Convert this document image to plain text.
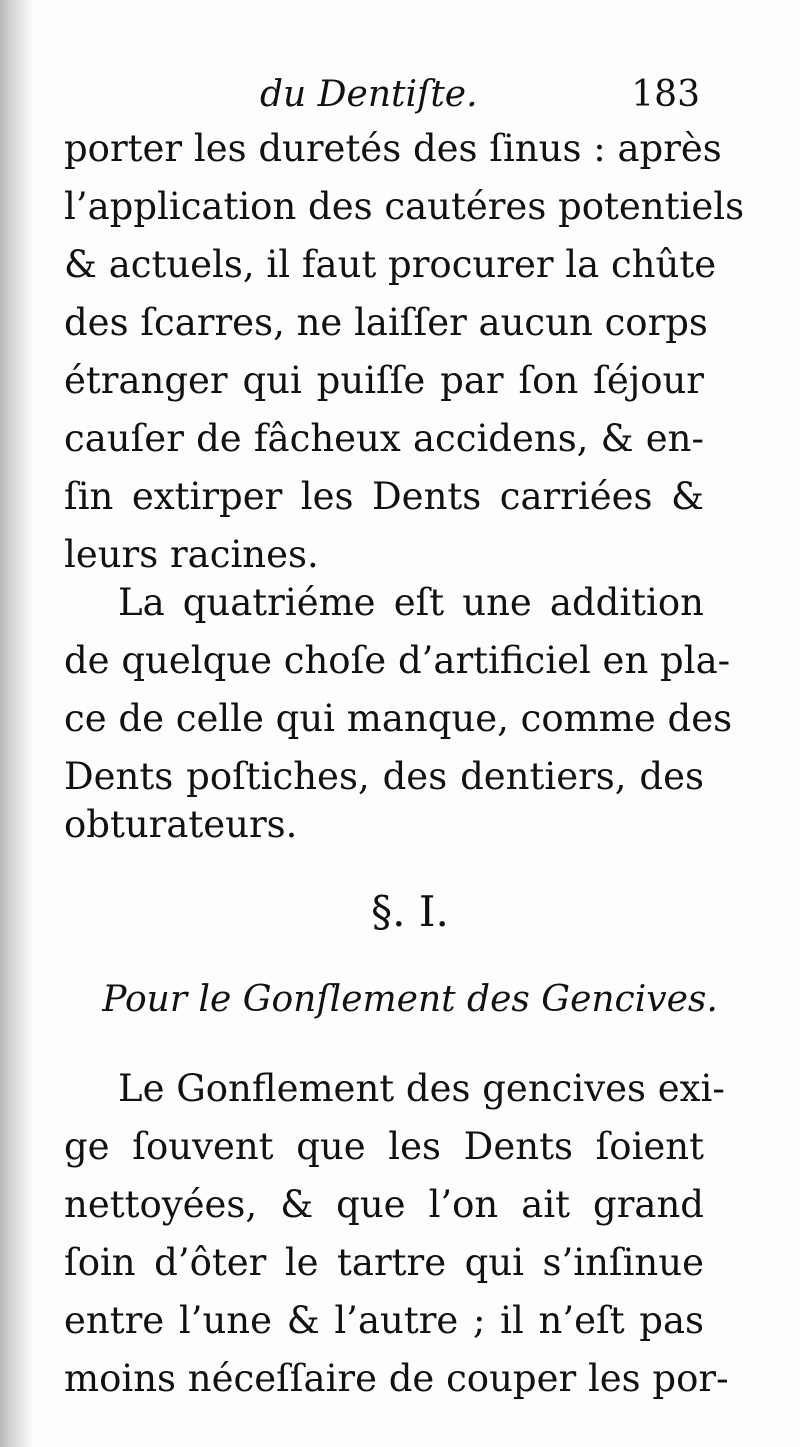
du Dentiſte.	183
porter les duretés des ſinus : après
l’application des cautéres potentiels
& actuels, il faut procurer la chûte
des ſcarres, ne laiſſer aucun corps
étranger qui puiſſe par ſon ſéjour
cauſer de fâcheux accidens, & en-
ſin extirper les Dents carriées &
leurs racines.
La quatriéme eſt une addition
de quelque choſe d’artificiel en pla-
ce de celle qui manque, comme des
Dents poſtiches, des dentiers, des
obturateurs.
§. I.
Pour le Gonſlement des Gencives.
Le Gonflement des gencives exi-
ge ſouvent que les Dents ſoient
nettoyées, & que l’on ait grand
ſoin d’ôter le tartre qui s’inſinue
entre l’une & l’autre ; il n’eſt pas
moins néceſſaire de couper les por-
